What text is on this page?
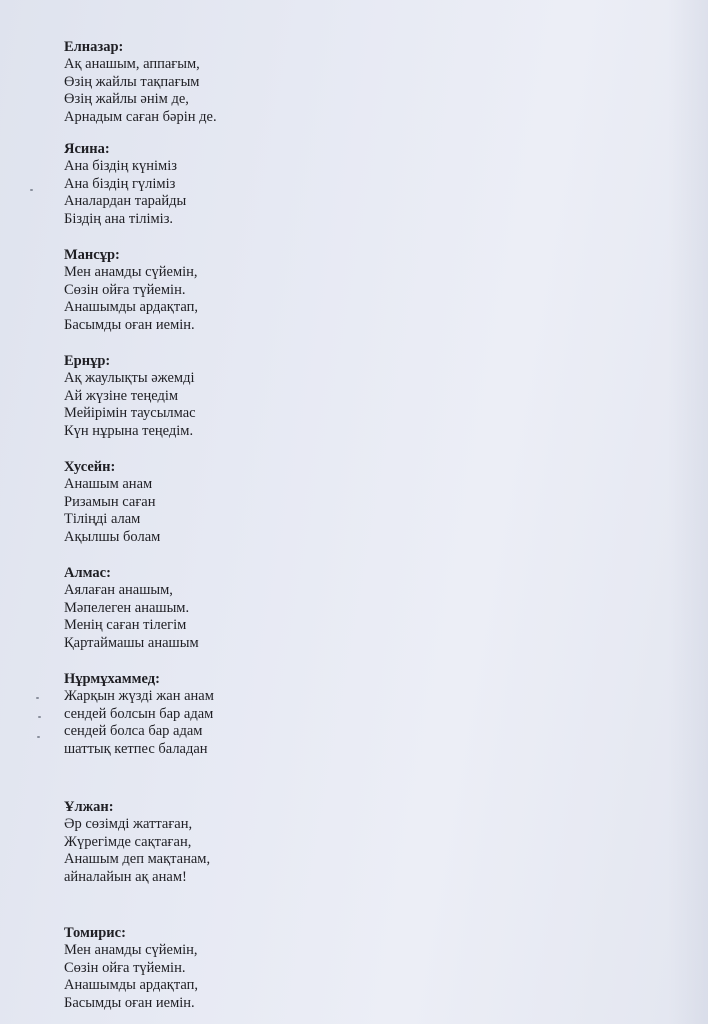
Елназар:
Ақ анашым, аппағым,
Өзің жайлы тақпағым
Өзің жайлы әнім де,
Арнадым саған бәрін де.
Ясина:
Ана біздің күніміз
Ана біздің гүліміз
Аналардан тарайды
Біздің ана тіліміз.
Мансұр:
Мен анамды сүйемін,
Сөзін ойға түйемін.
Анашымды ардақтап,
Басымды оған иемін.
Ернұр:
Ақ жаулықты әжемді
Ай жүзіне теңедім
Мейірімін таусылмас
Күн нұрына теңедім.
Хусейн:
Анашым анам
Ризамын саған
Тіліңді алам
Ақылшы болам
Алмас:
Аялаған анашым,
Мәпелеген анашым.
Менің саған тілегім
Қартаймашы анашым
Нұрмұхаммед:
Жарқын жүзді жан анам
сендей болсын бар адам
сендей болса бар адам
шаттық кетпес баладан
Ұлжан:
Әр сөзімді жаттаған,
Жүрегімде сақтаған,
Анашым деп мақтанам,
айналайын ақ анам!
Томирис:
Мен анамды сүйемін,
Сөзін ойға түйемін.
Анашымды ардақтап,
Басымды оған иемін.
